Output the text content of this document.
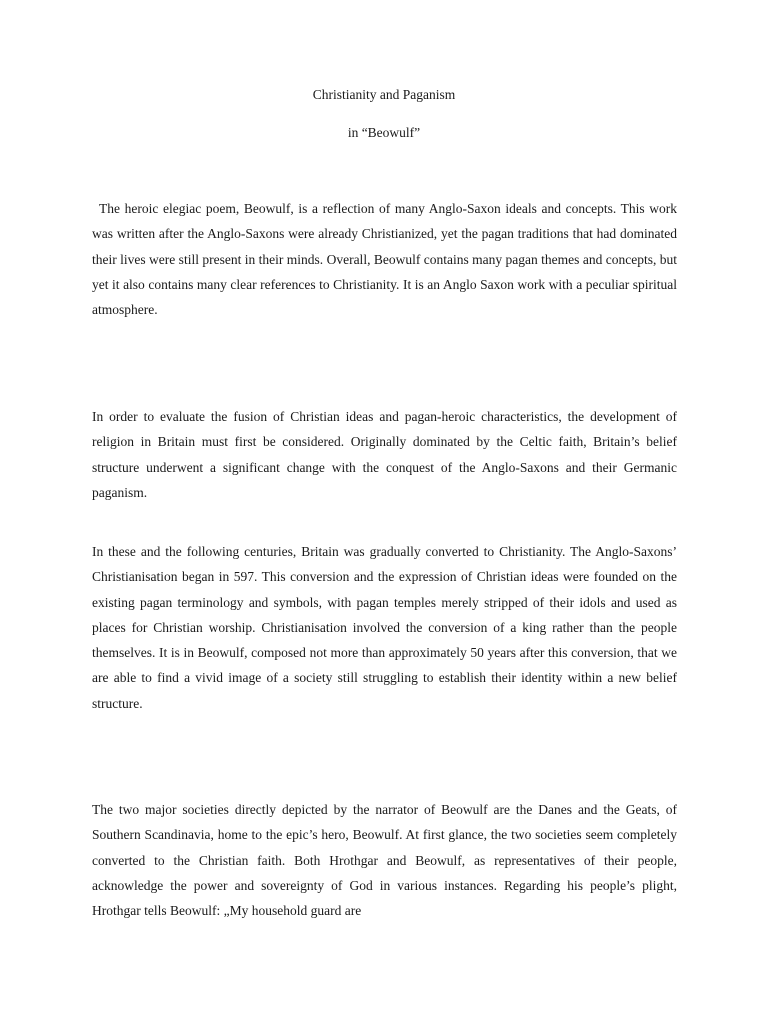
Christianity and Paganism
in “Beowulf”

The heroic elegiac poem, Beowulf, is a reflection of many Anglo-Saxon ideals and concepts. This work was written after the Anglo-Saxons were already Christianized, yet the pagan traditions that had dominated their lives were still present in their minds. Overall, Beowulf contains many pagan themes and concepts, but yet it also contains many clear references to Christianity. It is an Anglo Saxon work with a peculiar spiritual atmosphere.

In order to evaluate the fusion of Christian ideas and pagan-heroic characteristics, the development of religion in Britain must first be considered. Originally dominated by the Celtic faith, Britain’s belief structure underwent a significant change with the conquest of the Anglo-Saxons and their Germanic paganism.

In these and the following centuries, Britain was gradually converted to Christianity. The Anglo-Saxons’ Christianisation began in 597. This conversion and the expression of Christian ideas were founded on the existing pagan terminology and symbols, with pagan temples merely stripped of their idols and used as places for Christian worship. Christianisation involved the conversion of a king rather than the people themselves. It is in Beowulf, composed not more than approximately 50 years after this conversion, that we are able to find a vivid image of a society still struggling to establish their identity within a new belief structure.

The two major societies directly depicted by the narrator of Beowulf are the Danes and the Geats, of Southern Scandinavia, home to the epic’s hero, Beowulf. At first glance, the two societies seem completely converted to the Christian faith. Both Hrothgar and Beowulf, as representatives of their people, acknowledge the power and sovereignty of God in various instances. Regarding his people’s plight, Hrothgar tells Beowulf: „My household guard are
